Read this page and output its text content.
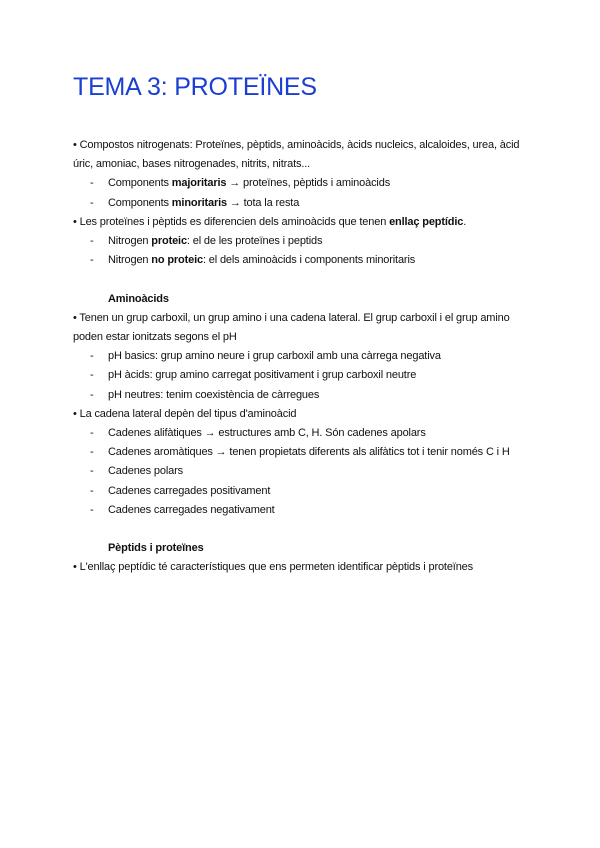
TEMA 3: PROTEÏNES

• Compostos nitrogenats: Proteïnes, pèptids, aminoàcids, àcids nucleics, alcaloides, urea, àcid úric, amoniac, bases nitrogenades, nitrits, nitrats...

- Components majoritaris → proteïnes, pèptids i aminoàcids
- Components minoritaris → tota la resta

• Les proteïnes i pèptids es diferencien dels aminoàcids que tenen enllaç peptídic.

- Nitrogen proteic: el de les proteïnes i peptids
- Nitrogen no proteic: el dels aminoàcids i components minoritaris

Aminoàcids

• Tenen un grup carboxil, un grup amino i una cadena lateral. El grup carboxil i el grup amino poden estar ionitzats segons el pH

- pH basics: grup amino neure i grup carboxil amb una càrrega negativa
- pH àcids: grup amino carregat positivament i grup carboxil neutre
- pH neutres: tenim coexistència de càrregues

• La cadena lateral depèn del tipus d'aminoàcid

- Cadenes alifàtiques → estructures amb C, H. Són cadenes apolars
- Cadenes aromàtiques → tenen propietats diferents als alifàtics tot i tenir només C i H
- Cadenes polars
- Cadenes carregades positivament
- Cadenes carregades negativament

Pèptids i proteïnes

• L'enllaç peptídic té característiques que ens permeten identificar pèptids i proteïnes
